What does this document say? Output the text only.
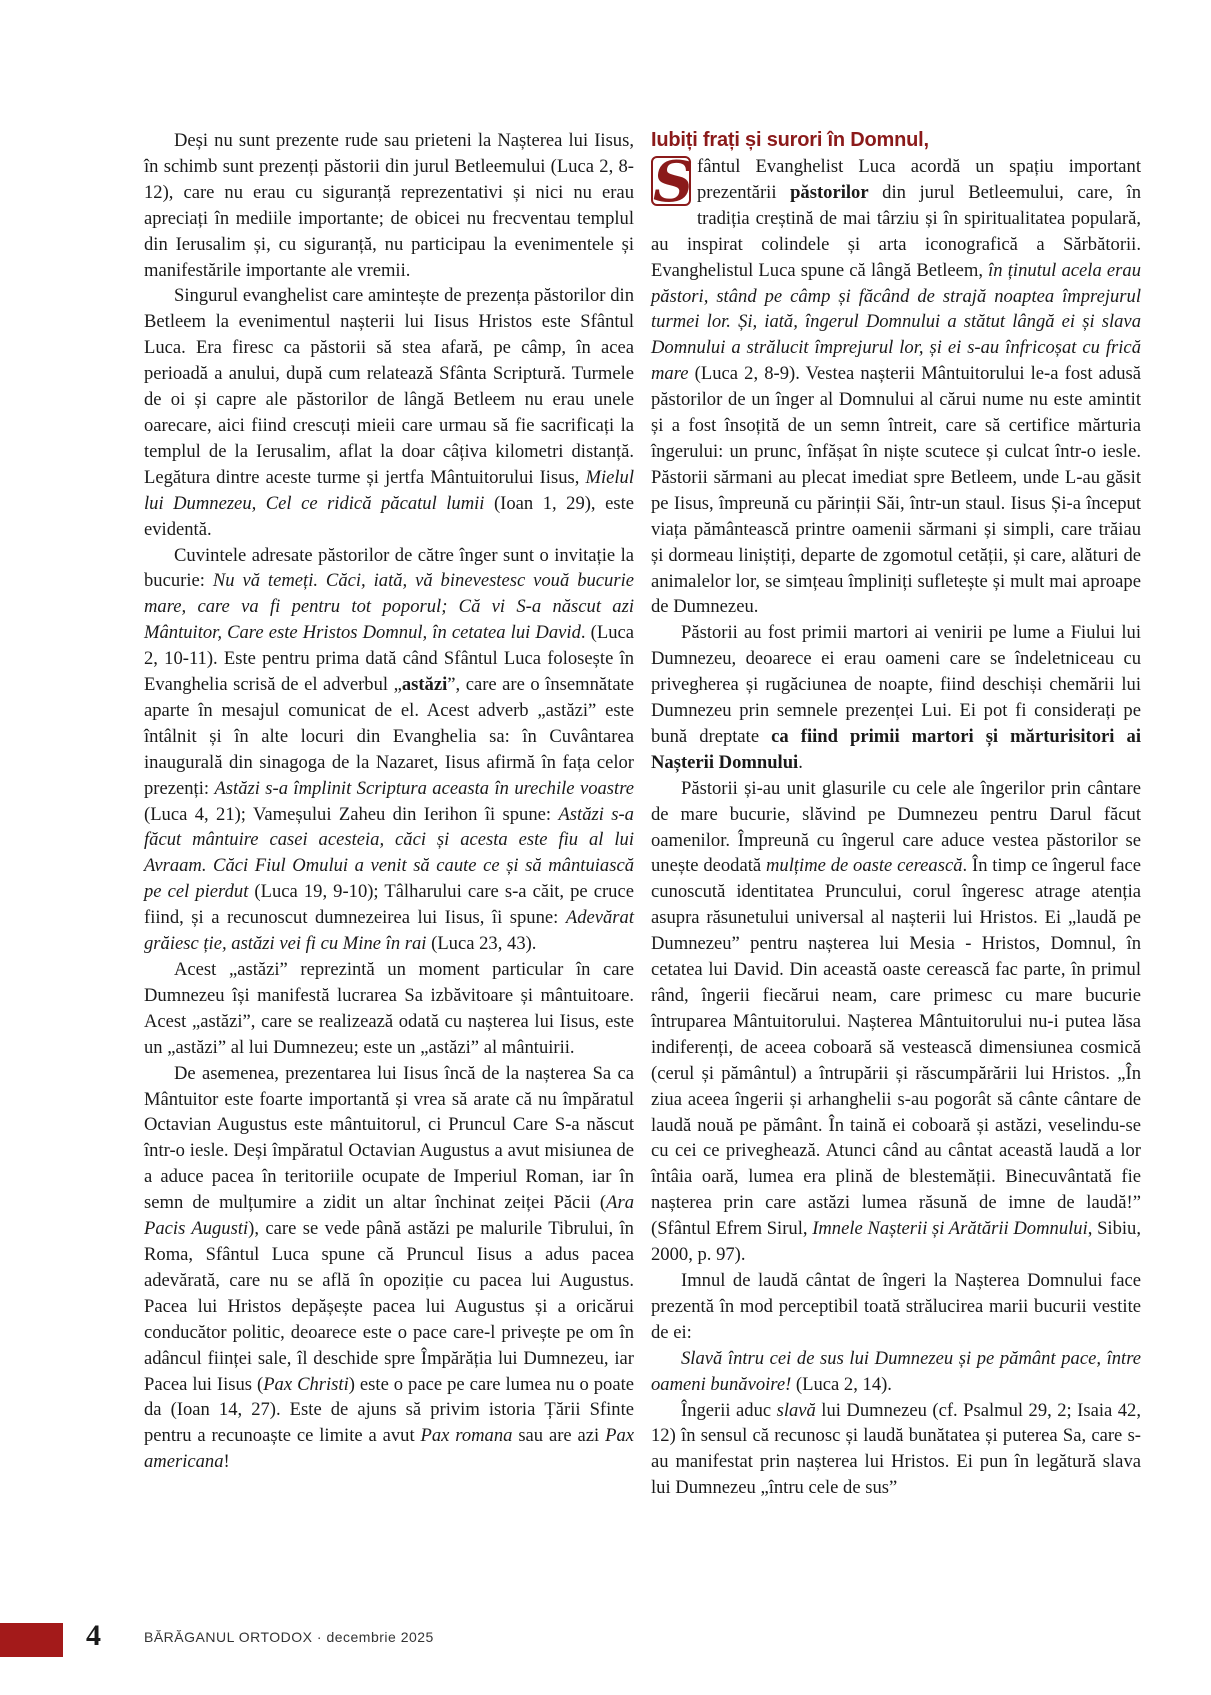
Deși nu sunt prezente rude sau prieteni la Nașterea lui Iisus, în schimb sunt prezenți păstorii din jurul Betleemului (Luca 2, 8-12), care nu erau cu siguranță reprezentativi și nici nu erau apreciați în mediile importante; de obicei nu frecventau templul din Ierusalim și, cu siguranță, nu participau la evenimentele și manifestările importante ale vremii.

Singurul evanghelist care amintește de prezența păstorilor din Betleem la evenimentul nașterii lui Iisus Hristos este Sfântul Luca. Era firesc ca păstorii să stea afară, pe câmp, în acea perioadă a anului, după cum relatează Sfânta Scriptură. Turmele de oi și capre ale păstorilor de lângă Betleem nu erau unele oarecare, aici fiind crescuți mieii care urmau să fie sacrificați la templul de la Ierusalim, aflat la doar câțiva kilometri distanță. Legătura dintre aceste turme și jertfa Mântuitorului Iisus, Mielul lui Dumnezeu, Cel ce ridică păcatul lumii (Ioan 1, 29), este evidentă.

Cuvintele adresate păstorilor de către înger sunt o invitație la bucurie: Nu vă temeți. Căci, iată, vă binevestesc vouă bucurie mare, care va fi pentru tot poporul; Că vi S-a născut azi Mântuitor, Care este Hristos Domnul, în cetatea lui David. (Luca 2, 10-11). Este pentru prima dată când Sfântul Luca folosește în Evanghelia scrisă de el adverbul „astăzi”, care are o însemnătate aparte în mesajul comunicat de el. Acest adverb „astăzi” este întâlnit și în alte locuri din Evanghelia sa: în Cuvântarea inaugurală din sinagoga de la Nazaret, Iisus afirmă în fața celor prezenți: Astăzi s-a împlinit Scriptura aceasta în urechile voastre (Luca 4, 21); Vameșului Zaheu din Ierihon îi spune: Astăzi s-a făcut mântuire casei acesteia, căci și acesta este fiu al lui Avraam. Căci Fiul Omului a venit să caute ce și să mântuiască pe cel pierdut (Luca 19, 9-10); Tâlharului care s-a căit, pe cruce fiind, și a recunoscut dumnezeirea lui Iisus, îi spune: Adevărat grăiesc ție, astăzi vei fi cu Mine în rai (Luca 23, 43).

Acest „astăzi” reprezintă un moment particular în care Dumnezeu își manifestă lucrarea Sa izbăvitoare și mântuitoare. Acest „astăzi”, care se realizează odată cu nașterea lui Iisus, este un „astăzi” al lui Dumnezeu; este un „astăzi” al mântuirii.

De asemenea, prezentarea lui Iisus încă de la nașterea Sa ca Mântuitor este foarte importantă și vrea să arate că nu împăratul Octavian Augustus este mântuitorul, ci Pruncul Care S-a născut într-o iesle. Deși împăratul Octavian Augustus a avut misiunea de a aduce pacea în teritoriile ocupate de Imperiul Roman, iar în semn de mulțumire a zidit un altar închinat zeiței Păcii (Ara Pacis Augusti), care se vede până astăzi pe malurile Tibrului, în Roma, Sfântul Luca spune că Pruncul Iisus a adus pacea adevărată, care nu se află în opoziție cu pacea lui Augustus. Pacea lui Hristos depășește pacea lui Augustus și a oricărui conducător politic, deoarece este o pace care-l privește pe om în adâncul ființei sale, îl deschide spre Împărăția lui Dumnezeu, iar Pacea lui Iisus (Pax Christi) este o pace pe care lumea nu o poate da (Ioan 14, 27). Este de ajuns să privim istoria Țării Sfinte pentru a recunoaște ce limite a avut Pax romana sau are azi Pax americana!

Iubiți frați și surori în Domnul,

S fântul Evanghelist Luca acordă un spațiu important prezentării păstorilor din jurul Betleemului, care, în tradiția creștină de mai târziu și în spiritualitatea populară, au inspirat colindele și arta iconografică a Sărbătorii. Evanghelistul Luca spune că lângă Betleem, în ținutul acela erau păstori, stând pe câmp și făcând de strajă noaptea împrejurul turmei lor. Și, iată, îngerul Domnului a stătut lângă ei și slava Domnului a strălucit împrejurul lor, și ei s-au înfricoșat cu frică mare (Luca 2, 8-9). Vestea nașterii Mântuitorului le-a fost adusă păstorilor de un înger al Domnului al cărui nume nu este amintit și a fost însoțită de un semn întreit, care să certifice mărturia îngerului: un prunc, înfășat în niște scutece și culcat într-o iesle. Păstorii sărmani au plecat imediat spre Betleem, unde L-au găsit pe Iisus, împreună cu părinții Săi, într-un staul. Iisus Și-a început viața pământească printre oamenii sărmani și simpli, care trăiau și dormeau liniștiți, departe de zgomotul cetății, și care, alături de animalelor lor, se simțeau împliniți sufletește și mult mai aproape de Dumnezeu.

Păstorii au fost primii martori ai venirii pe lume a Fiului lui Dumnezeu, deoarece ei erau oameni care se îndeletniceau cu privegherea și rugăciunea de noapte, fiind deschiși chemării lui Dumnezeu prin semnele prezenței Lui. Ei pot fi considerați pe bună dreptate ca fiind primii martori și mărturisitori ai Nașterii Domnului.

Păstorii și-au unit glasurile cu cele ale îngerilor prin cântare de mare bucurie, slăvind pe Dumnezeu pentru Darul făcut oamenilor. Împreună cu îngerul care aduce vestea păstorilor se unește deodată mulțime de oaste cerească. În timp ce îngerul face cunoscută identitatea Pruncului, corul îngeresc atrage atenția asupra răsunetului universal al nașterii lui Hristos. Ei „laudă pe Dumnezeu” pentru nașterea lui Mesia - Hristos, Domnul, în cetatea lui David. Din această oaste cerească fac parte, în primul rând, îngerii fiecărui neam, care primesc cu mare bucurie întruparea Mântuitorului. Nașterea Mântuitorului nu-i putea lăsa indiferenți, de aceea coboară să vestească dimensiunea cosmică (cerul și pământul) a întrupării și răscumpărării lui Hristos. „În ziua aceea îngerii și arhanghelii s-au pogorât să cânte cântare de laudă nouă pe pământ. În taină ei coboară și astăzi, veselindu-se cu cei ce priveghează. Atunci când au cântat această laudă a lor întâia oară, lumea era plină de blestemății. Binecuvântată fie nașterea prin care astăzi lumea răsună de imne de laudă!” (Sfântul Efrem Sirul, Imnele Nașterii și Arătării Domnului, Sibiu, 2000, p. 97).

Imnul de laudă cântat de îngeri la Nașterea Domnului face prezentă în mod perceptibil toată strălucirea marii bucurii vestite de ei:

Slavă întru cei de sus lui Dumnezeu și pe pământ pace, între oameni bunăvoire! (Luca 2, 14).

Îngerii aduc slavă lui Dumnezeu (cf. Psalmul 29, 2; Isaia 42, 12) în sensul că recunosc și laudă bunătatea și puterea Sa, care s-au manifestat prin nașterea lui Hristos. Ei pun în legătură slava lui Dumnezeu „întru cele de sus”

4	BĂRĂGANUL ORTODOX · decembrie 2025
